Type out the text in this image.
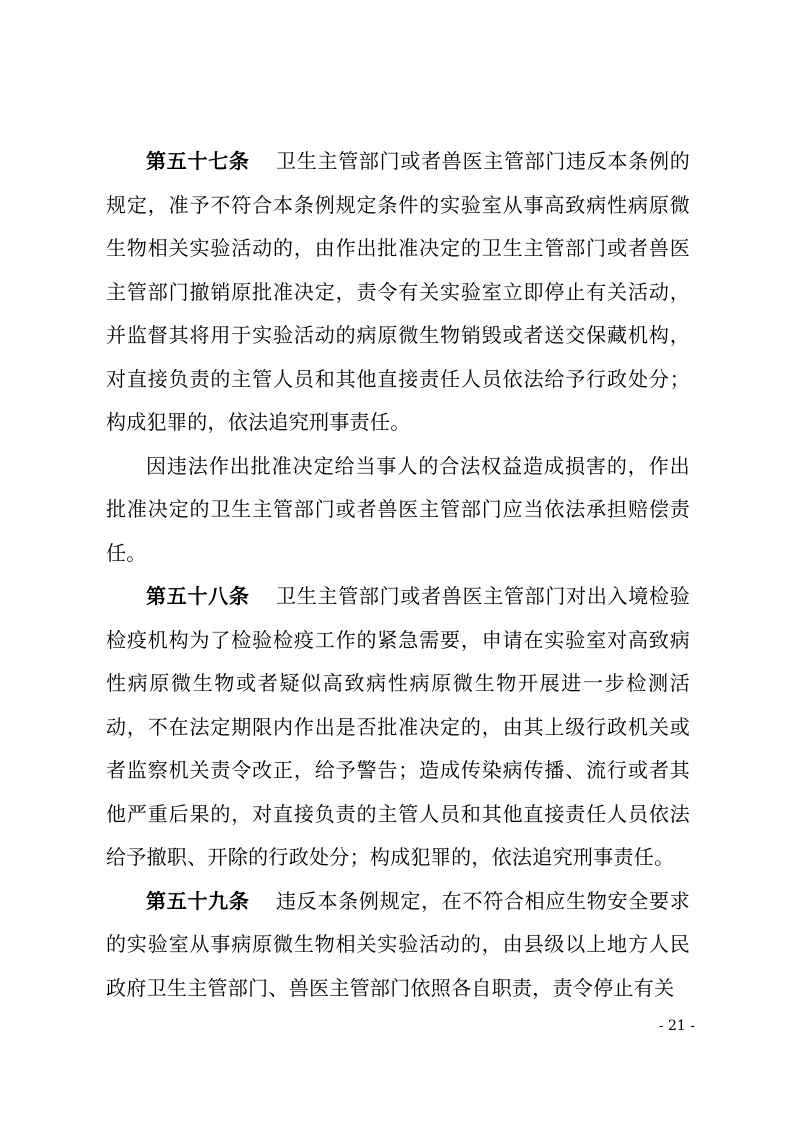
第五十七条 卫生主管部门或者兽医主管部门违反本条例的规定，准予不符合本条例规定条件的实验室从事高致病性病原微生物相关实验活动的，由作出批准决定的卫生主管部门或者兽医主管部门撤销原批准决定，责令有关实验室立即停止有关活动，并监督其将用于实验活动的病原微生物销毁或者送交保藏机构，对直接负责的主管人员和其他直接责任人员依法给予行政处分；构成犯罪的，依法追究刑事责任。

因违法作出批准决定给当事人的合法权益造成损害的，作出批准决定的卫生主管部门或者兽医主管部门应当依法承担赔偿责任。

第五十八条 卫生主管部门或者兽医主管部门对出入境检验检疫机构为了检验检疫工作的紧急需要，申请在实验室对高致病性病原微生物或者疑似高致病性病原微生物开展进一步检测活动，不在法定期限内作出是否批准决定的，由其上级行政机关或者监察机关责令改正，给予警告；造成传染病传播、流行或者其他严重后果的，对直接负责的主管人员和其他直接责任人员依法给予撤职、开除的行政处分；构成犯罪的，依法追究刑事责任。

第五十九条 违反本条例规定，在不符合相应生物安全要求的实验室从事病原微生物相关实验活动的，由县级以上地方人民政府卫生主管部门、兽医主管部门依照各自职责，责令停止有关

- 21 -
